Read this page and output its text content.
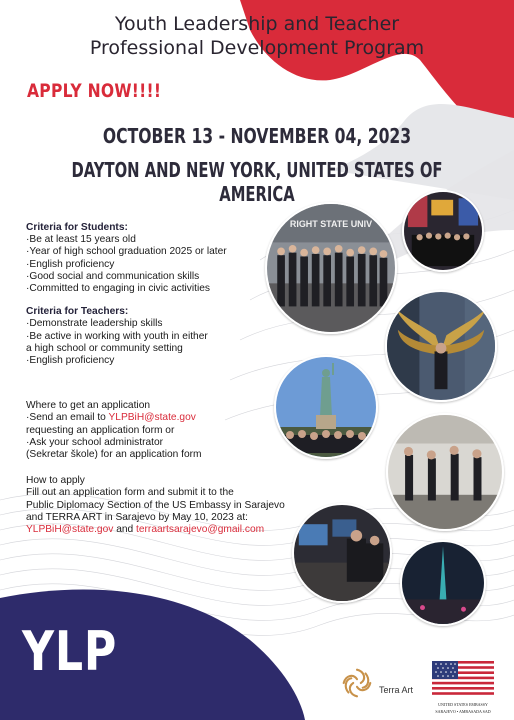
Youth Leadership and Teacher
Professional Development Program
APPLY NOW!!!!
OCTOBER 13 - NOVEMBER 04, 2023
DAYTON AND NEW YORK, UNITED STATES OF AMERICA
Criteria for Students:
·Be at least 15 years old
·Year of high school graduation 2025 or later
·English proficiency
·Good social and communication skills
·Committed to engaging in civic activities
Criteria for Teachers:
·Demonstrate leadership skills
·Be active in working with youth in either
a high school or community setting
·English proficiency
Where to get an application
·Send an email to YLPBiH@state.gov
requesting an application form or
·Ask your school administrator
(Sekretar škole) for an application form
How to apply
Fill out an application form and submit it to the
Public Diplomacy Section of the US Embassy in Sarajevo
and TERRA ART in Sarajevo by May 10, 2023 at:
YLPBiH@state.gov and terraartsarajevo@gmail.com
RIGHT STATE UNIV
YLP
Terra Art
UNITED STATES EMBASSY
SARAJEVO • AMBASADA SAD
